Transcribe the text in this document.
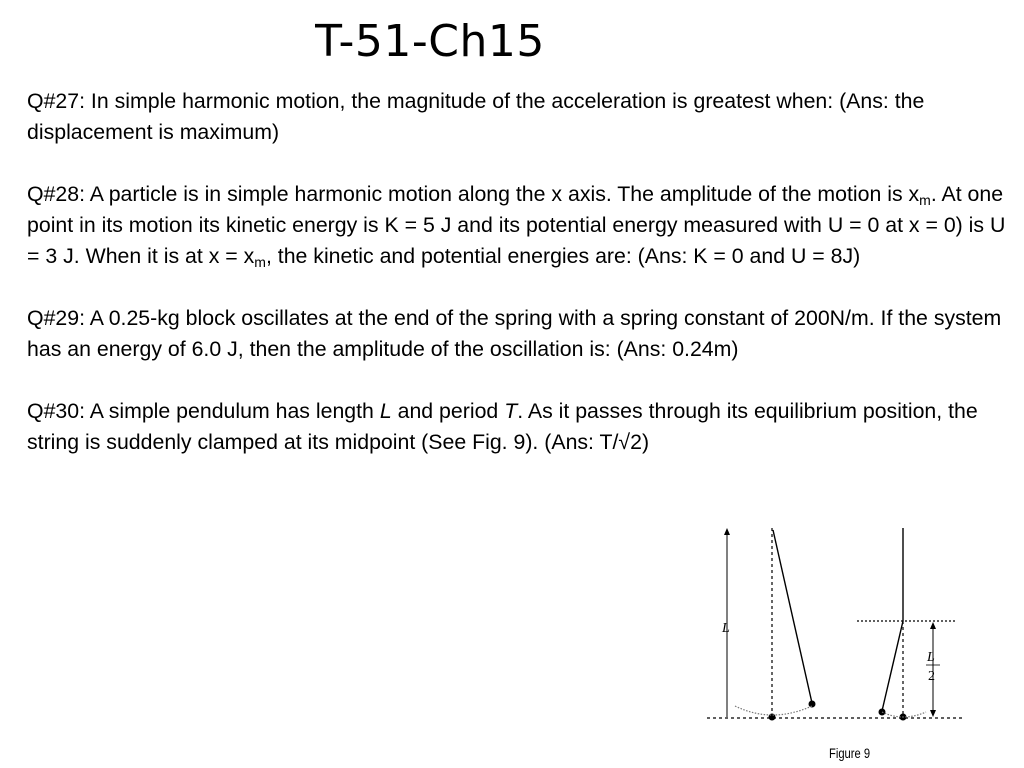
T-51-Ch15

Q#27: In simple harmonic motion, the magnitude of the acceleration is greatest when: (Ans: the displacement is maximum)

Q#28: A particle is in simple harmonic motion along the x axis. The amplitude of the motion is $x_m$. At one point in its motion its kinetic energy is K = 5 J and its potential energy measured with U = 0 at x = 0) is U = 3 J. When it is at $x = x_m$, the kinetic and potential energies are: (Ans: K = 0 and U = 8J)

Q#29: A 0.25-kg block oscillates at the end of the spring with a spring constant of 200N/m. If the system has an energy of 6.0 J, then the amplitude of the oscillation is: (Ans: 0.24m)

Q#30: A simple pendulum has length L and period T. As it passes through its equilibrium position, the string is suddenly clamped at its midpoint (See Fig. 9). (Ans: T/√2)

L
L
2
Figure 9
